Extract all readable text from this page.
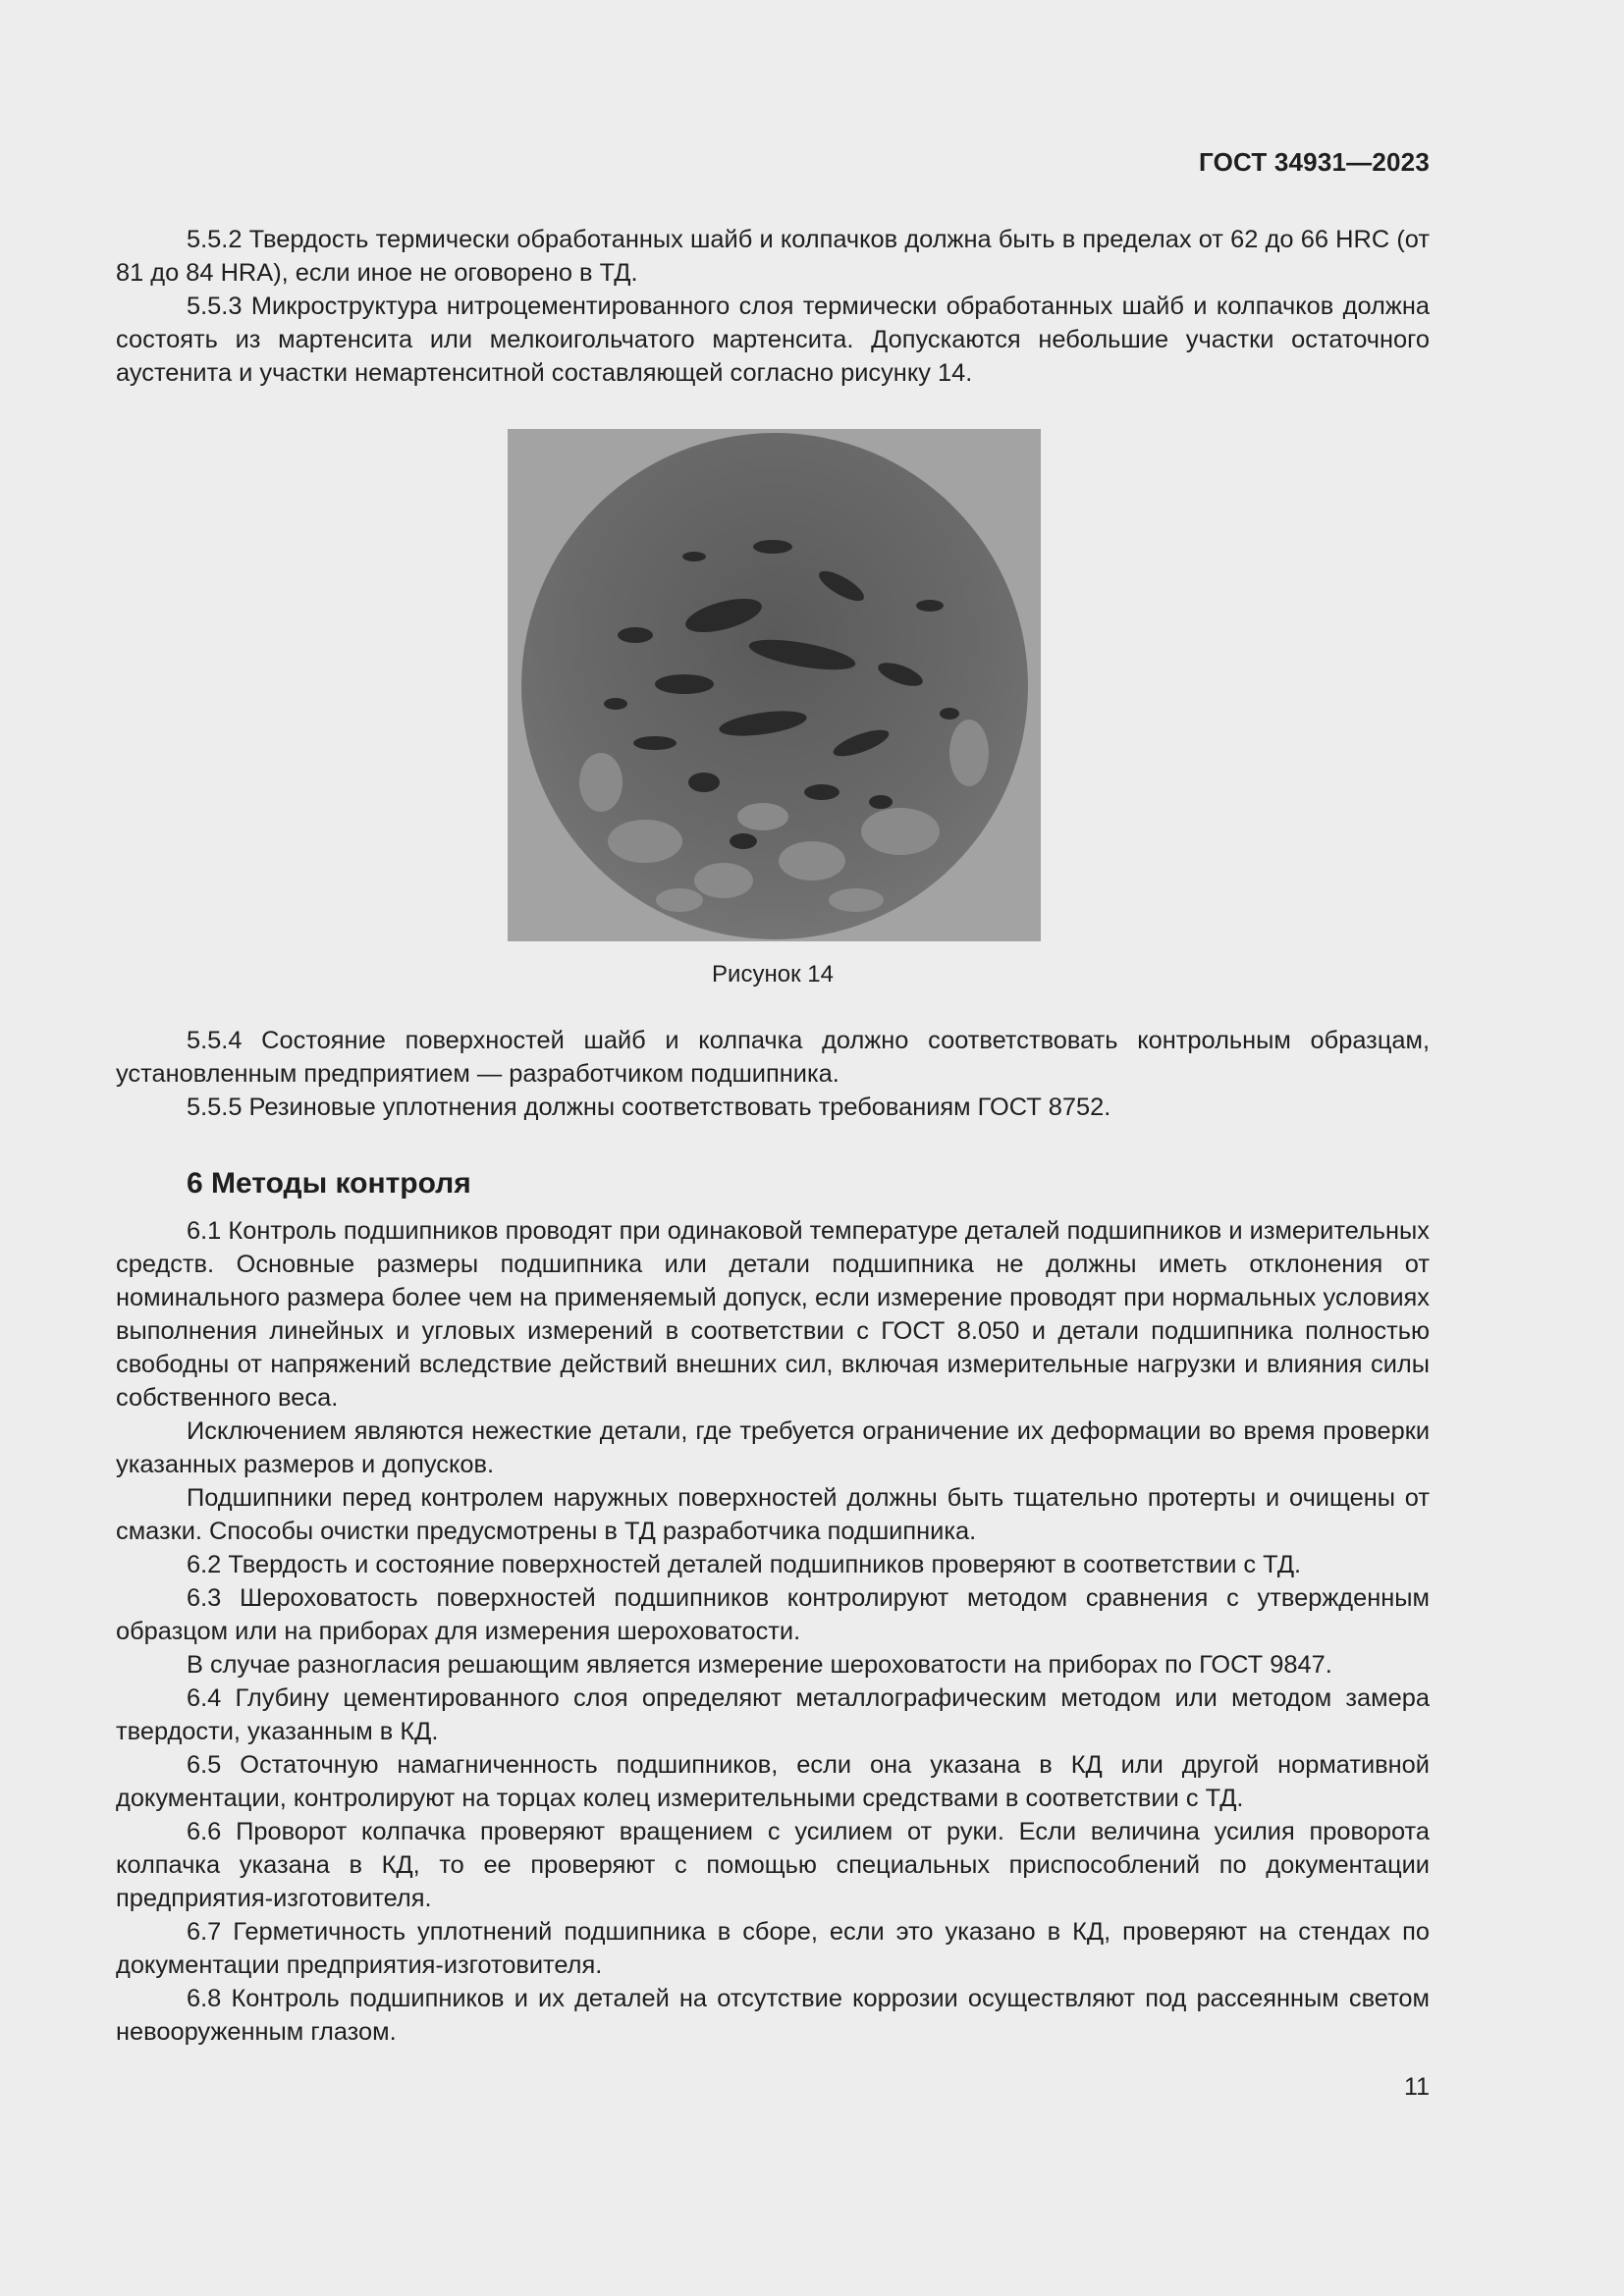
ГОСТ 34931—2023

5.5.2 Твердость термически обработанных шайб и колпачков должна быть в пределах от 62 до 66 HRC (от 81 до 84 HRA), если иное не оговорено в ТД.

5.5.3 Микроструктура нитроцементированного слоя термически обработанных шайб и колпачков должна состоять из мартенсита или мелкоигольчатого мартенсита. Допускаются небольшие участки остаточного аустенита и участки немартенситной составляющей согласно рисунку 14.

Рисунок 14

5.5.4 Состояние поверхностей шайб и колпачка должно соответствовать контрольным образцам, установленным предприятием — разработчиком подшипника.

5.5.5 Резиновые уплотнения должны соответствовать требованиям ГОСТ 8752.

6 Методы контроля

6.1 Контроль подшипников проводят при одинаковой температуре деталей подшипников и измерительных средств. Основные размеры подшипника или детали подшипника не должны иметь отклонения от номинального размера более чем на применяемый допуск, если измерение проводят при нормальных условиях выполнения линейных и угловых измерений в соответствии с ГОСТ 8.050 и детали подшипника полностью свободны от напряжений вследствие действий внешних сил, включая измерительные нагрузки и влияния силы собственного веса.

Исключением являются нежесткие детали, где требуется ограничение их деформации во время проверки указанных размеров и допусков.

Подшипники перед контролем наружных поверхностей должны быть тщательно протерты и очищены от смазки. Способы очистки предусмотрены в ТД разработчика подшипника.

6.2 Твердость и состояние поверхностей деталей подшипников проверяют в соответствии с ТД.

6.3 Шероховатость поверхностей подшипников контролируют методом сравнения с утвержденным образцом или на приборах для измерения шероховатости.

В случае разногласия решающим является измерение шероховатости на приборах по ГОСТ 9847.

6.4 Глубину цементированного слоя определяют металлографическим методом или методом замера твердости, указанным в КД.

6.5 Остаточную намагниченность подшипников, если она указана в КД или другой нормативной документации, контролируют на торцах колец измерительными средствами в соответствии с ТД.

6.6 Проворот колпачка проверяют вращением с усилием от руки. Если величина усилия проворота колпачка указана в КД, то ее проверяют с помощью специальных приспособлений по документации предприятия-изготовителя.

6.7 Герметичность уплотнений подшипника в сборе, если это указано в КД, проверяют на стендах по документации предприятия-изготовителя.

6.8 Контроль подшипников и их деталей на отсутствие коррозии осуществляют под рассеянным светом невооруженным глазом.

11
